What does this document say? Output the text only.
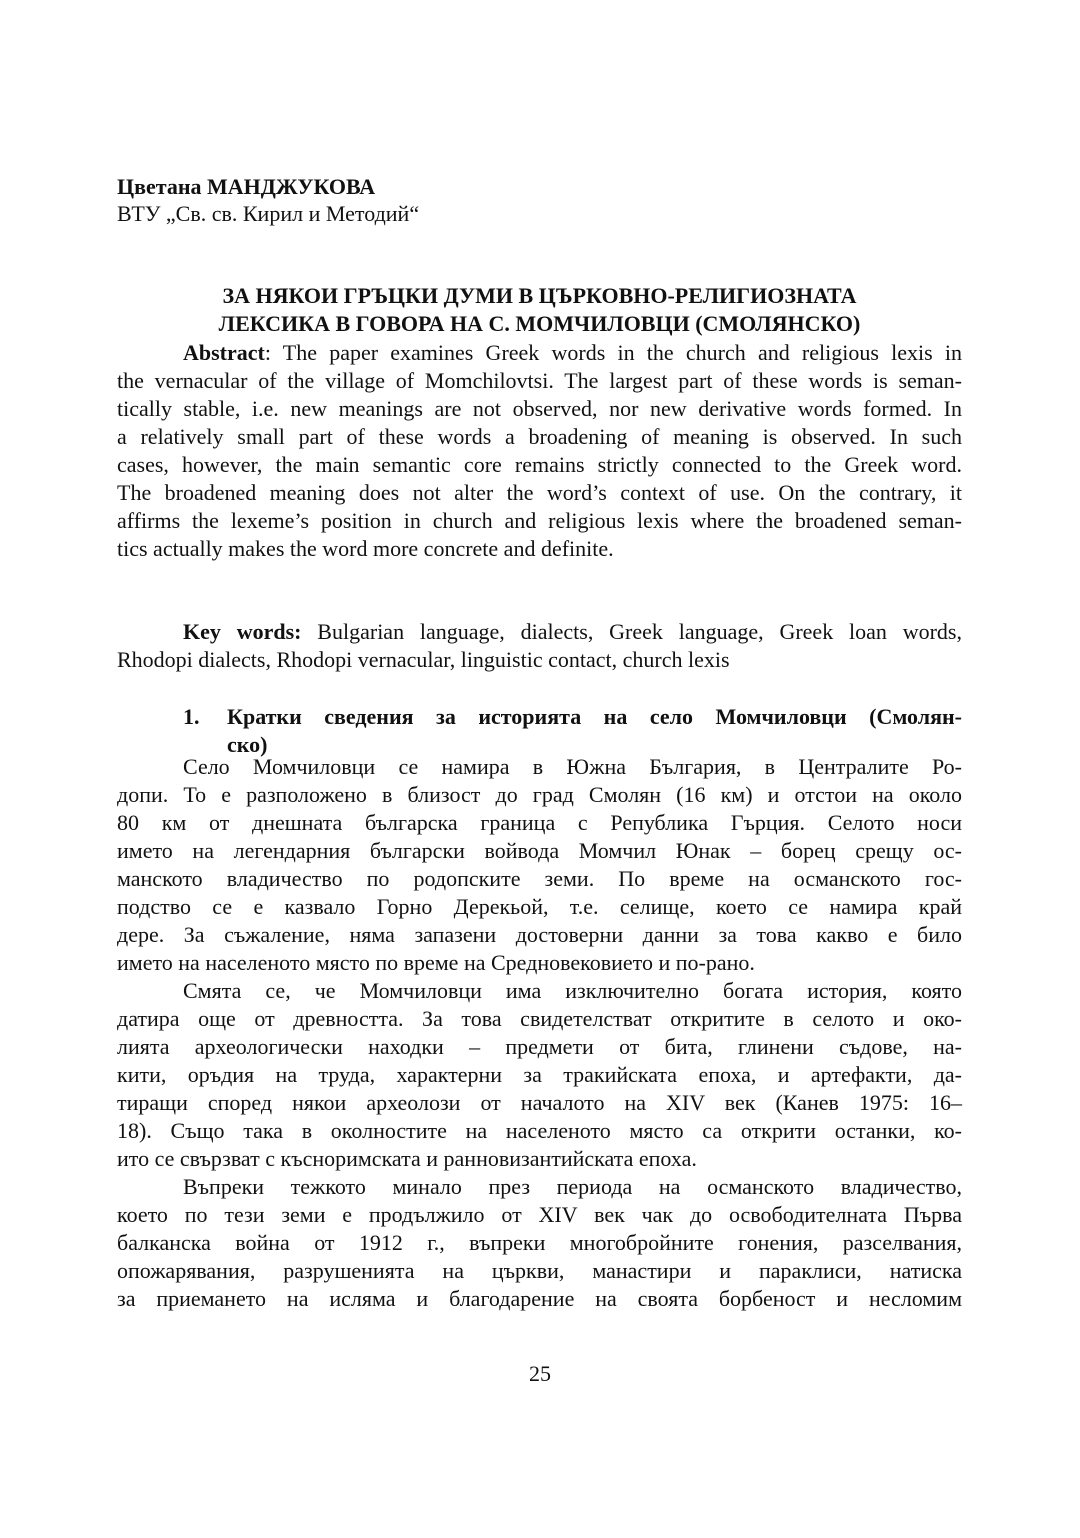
Цветана МАНДЖУКОВА
ВТУ „Св. св. Кирил и Методий“
ЗА НЯКОИ ГРЪЦКИ ДУМИ В ЦЪРКОВНО-РЕЛИГИОЗНАТА
ЛЕКСИКА В ГОВОРА НА С. МОМЧИЛОВЦИ (СМОЛЯНСКО)
Abstract: The paper examines Greek words in the church and religious lexis in
the vernacular of the village of Momchilovtsi. The largest part of these words is seman-
tically stable, i.e. new meanings are not observed, nor new derivative words formed. In
a relatively small part of these words a broadening of meaning is observed. In such
cases, however, the main semantic core remains strictly connected to the Greek word.
The broadened meaning does not alter the word’s context of use. On the contrary, it
affirms the lexeme’s position in church and religious lexis where the broadened seman-
tics actually makes the word more concrete and definite.
Key words: Bulgarian language, dialects, Greek language, Greek loan words,
Rhodopi dialects, Rhodopi vernacular, linguistic contact, church lexis
1. Кратки сведения за историята на село Момчиловци (Смолян-
ско)
Село Момчиловци се намира в Южна България, в Централите Ро-
допи. То е разположено в близост до град Смолян (16 км) и отстои на около
80 км от днешната българска граница с Република Гърция. Селото носи
името на легендарния български войвода Момчил Юнак – борец срещу ос-
манското владичество по родопските земи. По време на османското гос-
подство се е казвало Горно Дерекьой, т.е. селище, което се намира край
дере. За съжаление, няма запазени достоверни данни за това какво е било
името на населеното място по време на Средновековието и по-рано.
Смята се, че Момчиловци има изключително богата история, която
датира още от древността. За това свидетелстват откритите в селото и око-
лията археологически находки – предмети от бита, глинени съдове, на-
кити, оръдия на труда, характерни за тракийската епоха, и артефакти, да-
тиращи според някои археолози от началото на XIV век (Канев 1975: 16–
18). Също така в околностите на населеното място са открити останки, ко-
ито се свързват с късноримската и ранновизантийската епоха.
Въпреки тежкото минало през периода на османското владичество,
което по тези земи е продължило от XIV век чак до освободителната Първа
балканска война от 1912 г., въпреки многобройните гонения, разселвания,
опожарявания, разрушенията на църкви, манастири и параклиси, натиска
за приемането на исляма и благодарение на своята борбеност и несломим
25
